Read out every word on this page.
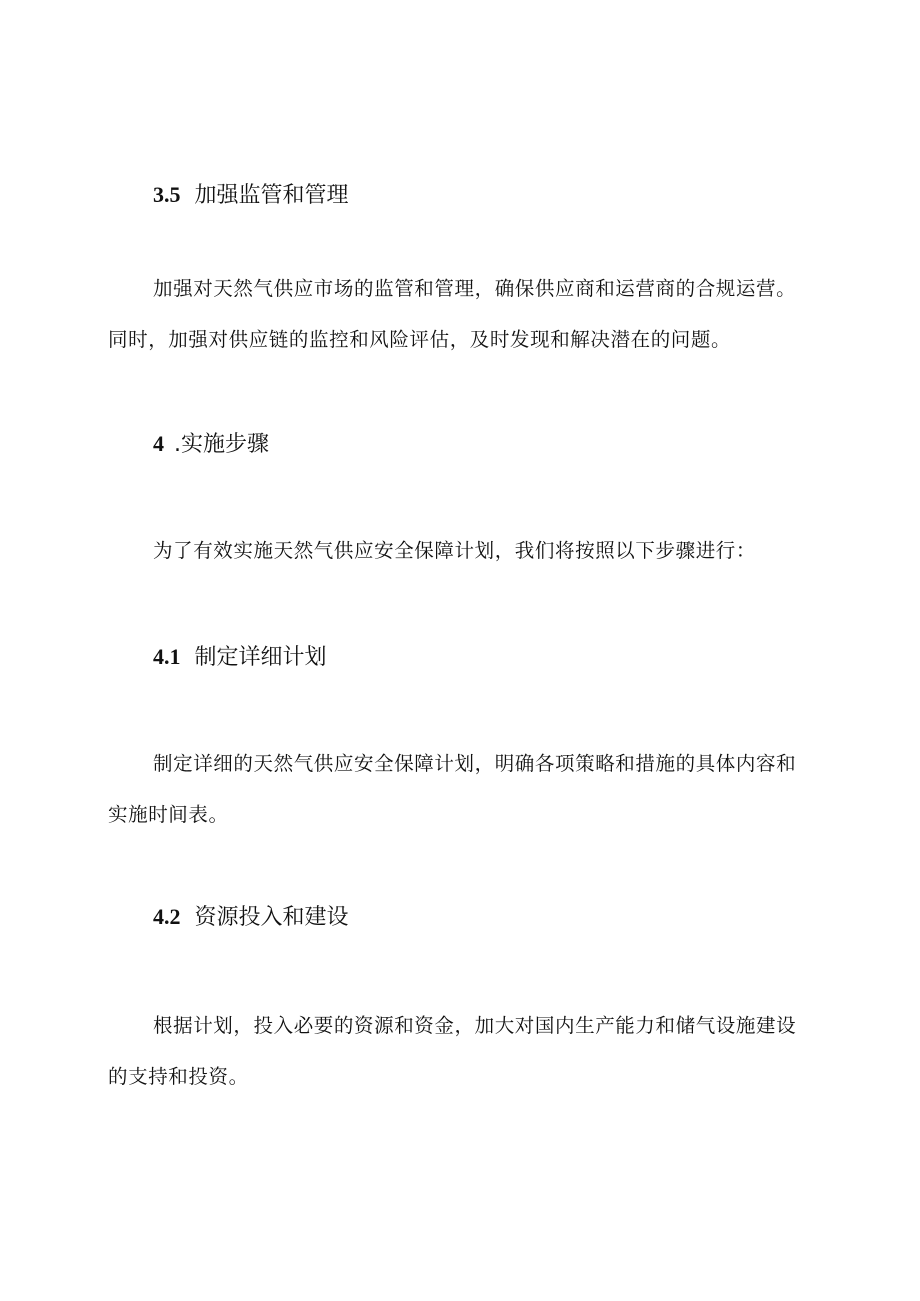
3.5 加强监管和管理

加强对天然气供应市场的监管和管理，确保供应商和运营商的合规运营。同时，加强对供应链的监控和风险评估，及时发现和解决潜在的问题。

4 .实施步骤

为了有效实施天然气供应安全保障计划，我们将按照以下步骤进行：

4.1 制定详细计划

制定详细的天然气供应安全保障计划，明确各项策略和措施的具体内容和实施时间表。

4.2 资源投入和建设

根据计划，投入必要的资源和资金，加大对国内生产能力和储气设施建设的支持和投资。
